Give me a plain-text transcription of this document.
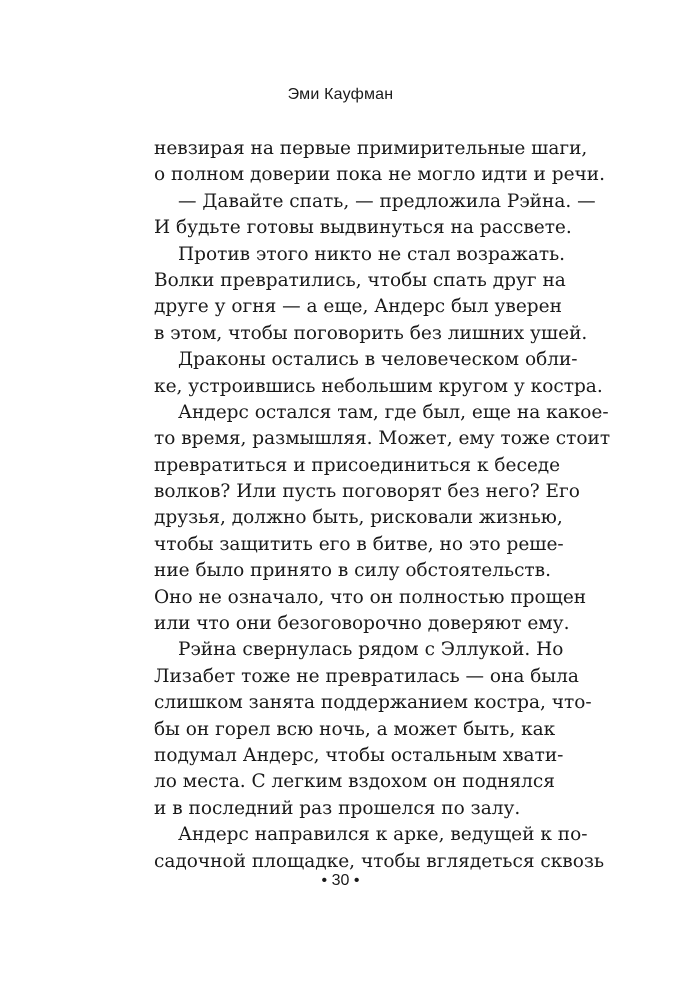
Эми Кауфман
невзирая на первые примирительные шаги,
о полном доверии пока не могло идти и речи.
— Давайте спать, — предложила Рэйна. —
И будьте готовы выдвинуться на рассвете.
Против этого никто не стал возражать.
Волки превратились, чтобы спать друг на
друге у огня — а еще, Андерс был уверен
в этом, чтобы поговорить без лишних ушей.
Драконы остались в человеческом обли-
ке, устроившись небольшим кругом у костра.
Андерс остался там, где был, еще на какое-
то время, размышляя. Может, ему тоже стоит
превратиться и присоединиться к беседе
волков? Или пусть поговорят без него? Его
друзья, должно быть, рисковали жизнью,
чтобы защитить его в битве, но это реше-
ние было принято в силу обстоятельств.
Оно не означало, что он полностью прощен
или что они безоговорочно доверяют ему.
Рэйна свернулась рядом с Эллукой. Но
Лизабет тоже не превратилась — она была
слишком занята поддержанием костра, что-
бы он горел всю ночь, а может быть, как
подумал Андерс, чтобы остальным хвати-
ло места. С легким вздохом он поднялся
и в последний раз прошелся по залу.
Андерс направился к арке, ведущей к по-
садочной площадке, чтобы вглядеться сквозь
• 30 •
